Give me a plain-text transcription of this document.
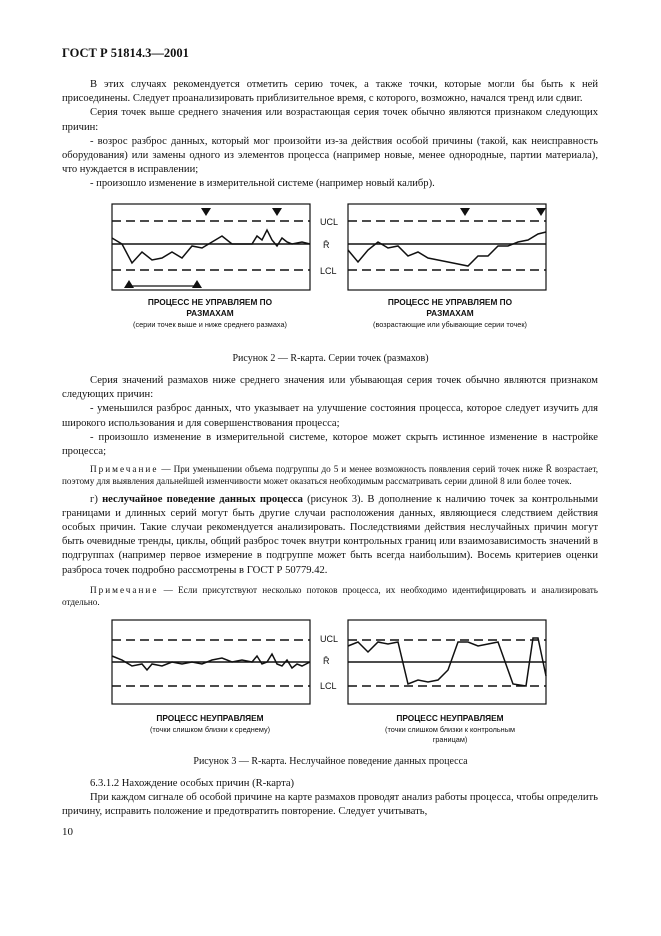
ГОСТ Р 51814.3—2001

В этих случаях рекомендуется отметить серию точек, а также точки, которые могли бы быть к ней присоединены. Следует проанализировать приблизительное время, с которого, возможно, начался тренд или сдвиг.

Серия точек выше среднего значения или возрастающая серия точек обычно являются признаком следующих причин:

- возрос разброс данных, который мог произойти из-за действия особой причины (такой, как неисправность оборудования) или замены одного из элементов процесса (например новые, менее однородные, партии материала), что нуждается в исправлении;

- произошло изменение в измерительной системе (например новый калибр).

UCL
R̄
LCL
ПРОЦЕСС НЕ УПРАВЛЯЕМ ПО РАЗМАХАМ
(серии точек выше и ниже среднего размаха)
ПРОЦЕСС НЕ УПРАВЛЯЕМ ПО РАЗМАХАМ
(возрастающие или убывающие серии точек)
Рисунок 2 — R-карта. Серии точек (размахов)

Серия значений размахов ниже среднего значения или убывающая серия точек обычно являются признаком следующих причин:

- уменьшился разброс данных, что указывает на улучшение состояния процесса, которое следует изучить для широкого использования и для совершенствования процесса;

- произошло изменение в измерительной системе, которое может скрыть истинное изменение в настройке процесса;

Примечание — При уменьшении объема подгруппы до 5 и менее возможность появления серий точек ниже R̄ возрастает, поэтому для выявления дальнейшей изменчивости может оказаться необходимым рассматривать серии длиной 8 или более точек.

г) неслучайное поведение данных процесса (рисунок 3). В дополнение к наличию точек за контрольными границами и длинных серий могут быть другие случаи расположения данных, являющиеся следствием действия особых причин. Такие случаи рекомендуется анализировать. Последствиями действия неслучайных причин могут быть очевидные тренды, циклы, общий разброс точек внутри контрольных границ или взаимозависимость значений в подгруппах (например первое измерение в подгруппе может быть всегда наибольшим). Восемь критериев оценки разброса точек подробно рассмотрены в ГОСТ Р 50779.42.

Примечание — Если присутствуют несколько потоков процесса, их необходимо идентифицировать и анализировать отдельно.

UCL
R̄
LCL
ПРОЦЕСС НЕУПРАВЛЯЕМ
(точки слишком близки к среднему)
ПРОЦЕСС НЕУПРАВЛЯЕМ
(точки слишком близки к контрольным границам)
Рисунок 3 — R-карта. Неслучайное поведение данных процесса

6.3.1.2 Нахождение особых причин (R-карта)

При каждом сигнале об особой причине на карте размахов проводят анализ работы процесса, чтобы определить причину, исправить положение и предотвратить повторение. Следует учитывать,

10
